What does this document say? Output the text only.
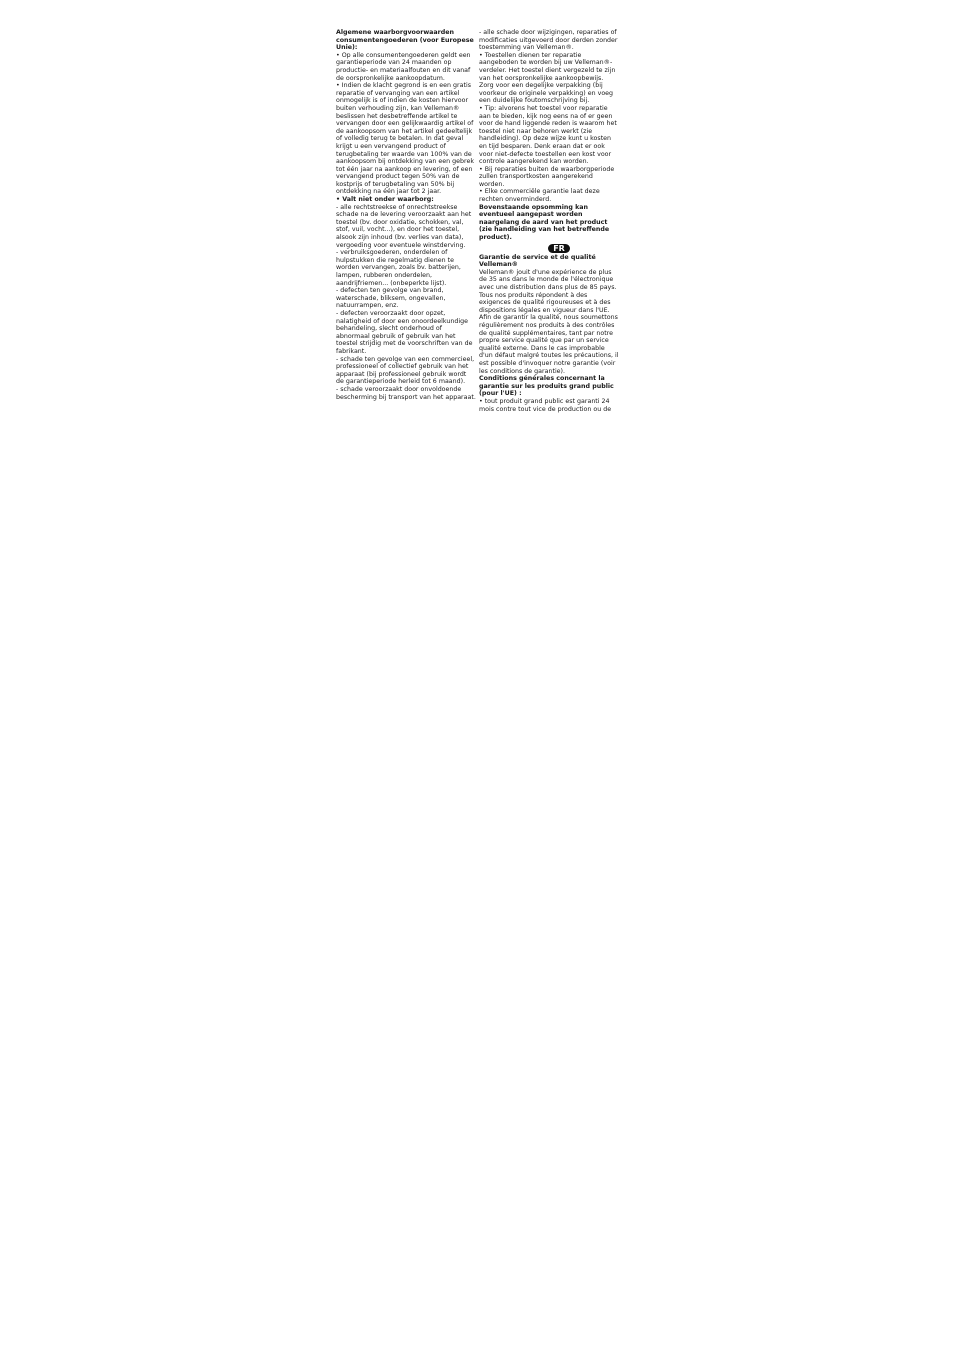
Algemene waarborgvoorwaarden consumentengoederen (voor Europese Unie):

• Op alle consumentengoederen geldt een garantieperiode van 24 maanden op productie- en materiaalfouten en dit vanaf de oorspronkelijke aankoopdatum.

• Indien de klacht gegrond is en een gratis reparatie of vervanging van een artikel onmogelijk is of indien de kosten hiervoor buiten verhouding zijn, kan Velleman® beslissen het desbetreffende artikel te vervangen door een gelijkwaardig artikel of de aankoopsom van het artikel gedeeltelijk of volledig terug te betalen. In dat geval krijgt u een vervangend product of terugbetaling ter waarde van 100% van de aankoopsom bij ontdekking van een gebrek tot één jaar na aankoop en levering, of een vervangend product tegen 50% van de kostprijs of terugbetaling van 50% bij ontdekking na één jaar tot 2 jaar.

• Valt niet onder waarborg:

- alle rechtstreekse of onrechtstreekse schade na de levering veroorzaakt aan het toestel (bv. door oxidatie, schokken, val, stof, vuil, vocht...), en door het toestel, alsook zijn inhoud (bv. verlies van data), vergoeding voor eventuele winstderving.

- verbruiksgoederen, onderdelen of hulpstukken die regelmatig dienen te worden vervangen, zoals bv. batterijen, lampen, rubberen onderdelen, aandrijfriemen... (onbeperkte lijst).

- defecten ten gevolge van brand, waterschade, bliksem, ongevallen, natuurrampen, enz.

- defecten veroorzaakt door opzet, nalatigheid of door een onoordeelkundige behandeling, slecht onderhoud of abnormaal gebruik of gebruik van het toestel strijdig met de voorschriften van de fabrikant.

- schade ten gevolge van een commercieel, professioneel of collectief gebruik van het apparaat (bij professioneel gebruik wordt de garantieperiode herleid tot 6 maand).

- schade veroorzaakt door onvoldoende bescherming bij transport van het apparaat.

- alle schade door wijzigingen, reparaties of modificaties uitgevoerd door derden zonder toestemming van Velleman®.

• Toestellen dienen ter reparatie aangeboden te worden bij uw Velleman®-verdeler. Het toestel dient vergezeld te zijn van het oorspronkelijke aankoopbewijs. Zorg voor een degelijke verpakking (bij voorkeur de originele verpakking) en voeg een duidelijke foutomschrijving bij.

• Tip: alvorens het toestel voor reparatie aan te bieden, kijk nog eens na of er geen voor de hand liggende reden is waarom het toestel niet naar behoren werkt (zie handleiding). Op deze wijze kunt u kosten en tijd besparen. Denk eraan dat er ook voor niet-defecte toestellen een kost voor controle aangerekend kan worden.

• Bij reparaties buiten de waarborgperiode zullen transportkosten aangerekend worden.

• Elke commerciële garantie laat deze rechten onverminderd.

Bovenstaande opsomming kan eventueel aangepast worden naargelang de aard van het product (zie handleiding van het betreffende product).

FR

Garantie de service et de qualité Velleman®

Velleman® jouit d'une expérience de plus de 35 ans dans le monde de l'électronique avec une distribution dans plus de 85 pays.

Tous nos produits répondent à des exigences de qualité rigoureuses et à des dispositions légales en vigueur dans l'UE. Afin de garantir la qualité, nous soumettons régulièrement nos produits à des contrôles de qualité supplémentaires, tant par notre propre service qualité que par un service qualité externe. Dans le cas improbable d'un défaut malgré toutes les précautions, il est possible d'invoquer notre garantie (voir les conditions de garantie).

Conditions générales concernant la garantie sur les produits grand public (pour l'UE) :

• tout produit grand public est garanti 24 mois contre tout vice de production ou de
